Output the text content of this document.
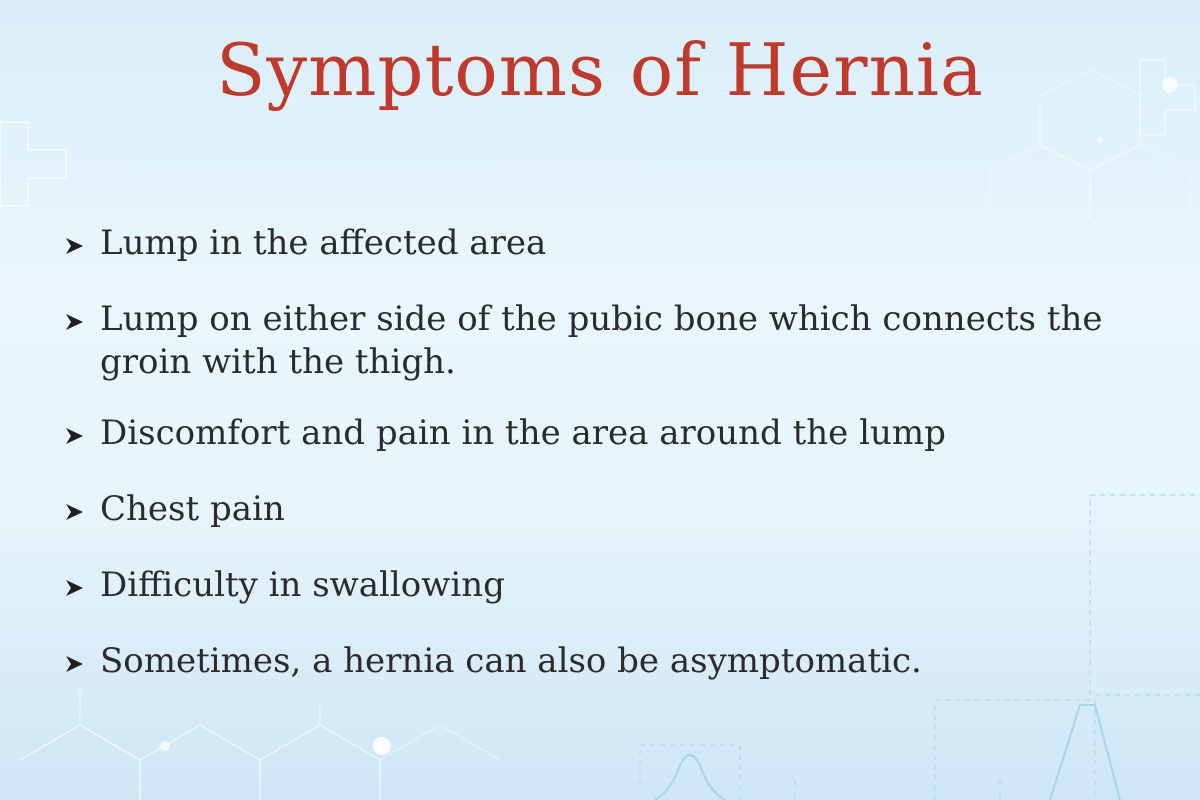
Symptoms of Hernia
Lump in the affected area
Lump on either side of the pubic bone which connects the groin with the thigh.
Discomfort and pain in the area around the lump
Chest pain
Difficulty in swallowing
Sometimes, a hernia can also be asymptomatic.
